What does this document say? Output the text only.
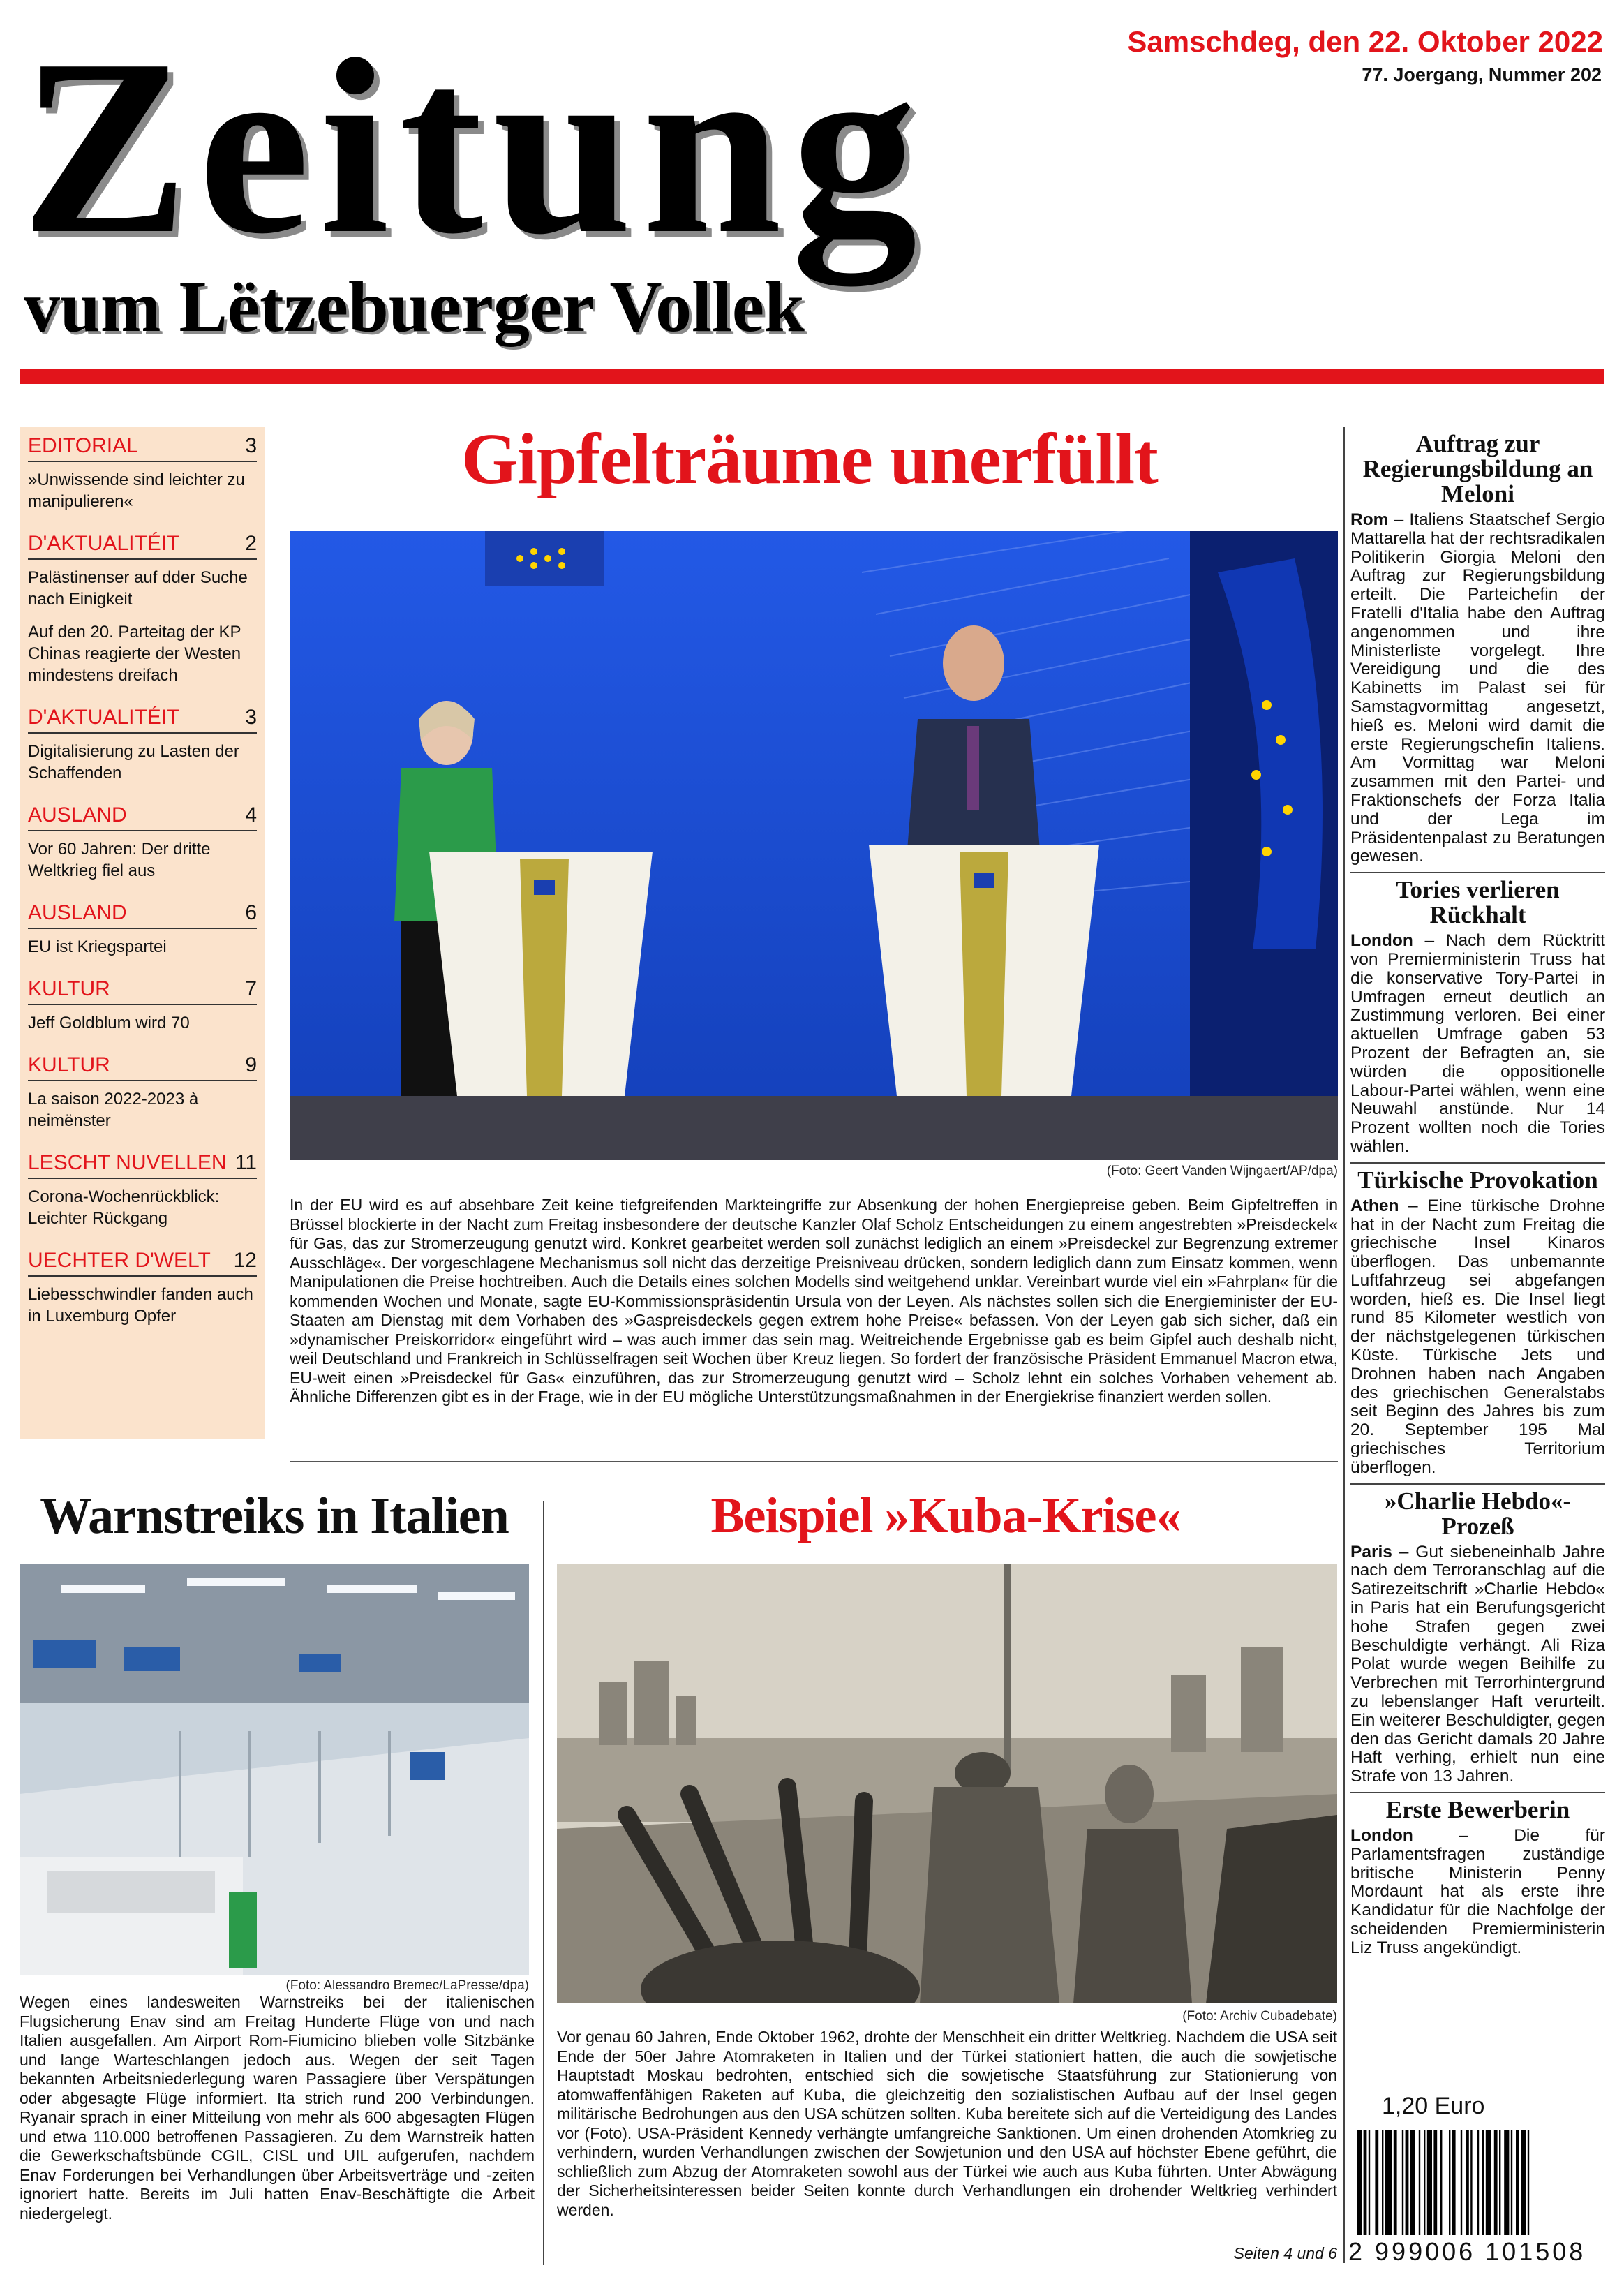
Zeitung
vum Lëtzebuerger Vollek
Samschdeg, den 22. Oktober 2022
77. Joergang, Nummer 202
EDITORIAL	3
»Unwissende sind leichter zu manipulieren«
D'AKTUALITÉIT	2
Palästinenser auf dder Suche nach Einigkeit
Auf den 20. Parteitag der KP Chinas reagierte der Westen mindestens dreifach
D'AKTUALITÉIT	3
Digitalisierung zu Lasten der Schaffenden
AUSLAND	4
Vor 60 Jahren: Der dritte Weltkrieg fiel aus
AUSLAND	6
EU ist Kriegspartei
KULTUR	7
Jeff Goldblum wird 70
KULTUR	9
La saison 2022-2023 à neimënster
LESCHT NUVELLEN 11
Corona-Wochenrückblick: Leichter Rückgang
UECHTER D'WELT 12
Liebesschwindler fanden auch in Luxemburg Opfer
Gipfelträume unerfüllt
(Foto: Geert Vanden Wijngaert/AP/dpa)
In der EU wird es auf absehbare Zeit keine tiefgreifenden Markteingriffe zur Absenkung der hohen Energiepreise geben. Beim Gipfeltreffen in Brüssel blockierte in der Nacht zum Freitag insbesondere der deutsche Kanzler Olaf Scholz Entscheidungen zu einem angestrebten »Preisdeckel« für Gas, das zur Stromerzeugung genutzt wird. Konkret gearbeitet werden soll zunächst lediglich an einem »Preisdeckel zur Begrenzung extremer Ausschläge«. Der vorgeschlagene Mechanismus soll nicht das derzeitige Preisniveau drücken, sondern lediglich dann zum Einsatz kommen, wenn Manipulationen die Preise hochtreiben. Auch die Details eines solchen Modells sind weitgehend unklar. Vereinbart wurde viel ein »Fahrplan« für die kommenden Wochen und Monate, sagte EU-Kommissionspräsidentin Ursula von der Leyen. Als nächstes sollen sich die Energieminister der EU-Staaten am Dienstag mit dem Vorhaben des »Gaspreisdeckels gegen extrem hohe Preise« befassen. Von der Leyen gab sich sicher, daß ein »dynamischer Preiskorridor« eingeführt wird – was auch immer das sein mag. Weitreichende Ergebnisse gab es beim Gipfel auch deshalb nicht, weil Deutschland und Frankreich in Schlüsselfragen seit Wochen über Kreuz liegen. So fordert der französische Präsident Emmanuel Macron etwa, EU-weit einen »Preisdeckel für Gas« einzuführen, das zur Stromerzeugung genutzt wird – Scholz lehnt ein solches Vorhaben vehement ab. Ähnliche Differenzen gibt es in der Frage, wie in der EU mögliche Unterstützungsmaßnahmen in der Energiekrise finanziert werden sollen.
Auftrag zur Regierungsbildung an Meloni
Rom – Italiens Staatschef Sergio Mattarella hat der rechtsradikalen Politikerin Giorgia Meloni den Auftrag zur Regierungsbildung erteilt. Die Parteichefin der Fratelli d'Italia habe den Auftrag angenommen und ihre Ministerliste vorgelegt. Ihre Vereidigung und die des Kabinetts im Palast sei für Samstagvormittag angesetzt, hieß es. Meloni wird damit die erste Regierungschefin Italiens. Am Vormittag war Meloni zusammen mit den Partei- und Fraktionschefs der Forza Italia und der Lega im Präsidentenpalast zu Beratungen gewesen.
Tories verlieren Rückhalt
London – Nach dem Rücktritt von Premierministerin Truss hat die konservative Tory-Partei in Umfragen erneut deutlich an Zustimmung verloren. Bei einer aktuellen Umfrage gaben 53 Prozent der Befragten an, sie würden die oppositionelle Labour-Partei wählen, wenn eine Neuwahl anstünde. Nur 14 Prozent wollten noch die Tories wählen.
Türkische Provokation
Athen – Eine türkische Drohne hat in der Nacht zum Freitag die griechische Insel Kinaros überflogen. Das unbemannte Luftfahrzeug sei abgefangen worden, hieß es. Die Insel liegt rund 85 Kilometer westlich von der nächstgelegenen türkischen Küste. Türkische Jets und Drohnen haben nach Angaben des griechischen Generalstabs seit Beginn des Jahres bis zum 20. September 195 Mal griechisches Territorium überflogen.
»Charlie Hebdo«-Prozeß
Paris – Gut siebeneinhalb Jahre nach dem Terroranschlag auf die Satirezeitschrift »Charlie Hebdo« in Paris hat ein Berufungsgericht hohe Strafen gegen zwei Beschuldigte verhängt. Ali Riza Polat wurde wegen Beihilfe zu Verbrechen mit Terrorhintergrund zu lebenslanger Haft verurteilt. Ein weiterer Beschuldigter, gegen den das Gericht damals 20 Jahre Haft verhing, erhielt nun eine Strafe von 13 Jahren.
Erste Bewerberin
London – Die für Parlamentsfragen zuständige britische Ministerin Penny Mordaunt hat als erste ihre Kandidatur für die Nachfolge der scheidenden Premierministerin Liz Truss angekündigt.
Warnstreiks in Italien
(Foto: Alessandro Bremec/LaPresse/dpa)
Wegen eines landesweiten Warnstreiks bei der italienischen Flugsicherung Enav sind am Freitag Hunderte Flüge von und nach Italien ausgefallen. Am Airport Rom-Fiumicino blieben volle Sitzbänke und lange Warteschlangen jedoch aus. Wegen der seit Tagen bekannten Arbeitsniederlegung waren Passagiere über Verspätungen oder abgesagte Flüge informiert. Ita strich rund 200 Verbindungen. Ryanair sprach in einer Mitteilung von mehr als 600 abgesagten Flügen und etwa 110.000 betroffenen Passagieren. Zu dem Warnstreik hatten die Gewerkschaftsbünde CGIL, CISL und UIL aufgerufen, nachdem Enav Forderungen bei Verhandlungen über Arbeitsverträge und -zeiten ignoriert hatte. Bereits im Juli hatten Enav-Beschäftigte die Arbeit niedergelegt.
Beispiel »Kuba-Krise«
(Foto: Archiv Cubadebate)
Vor genau 60 Jahren, Ende Oktober 1962, drohte der Menschheit ein dritter Weltkrieg. Nachdem die USA seit Ende der 50er Jahre Atomraketen in Italien und der Türkei stationiert hatten, die auch die sowjetische Hauptstadt Moskau bedrohten, entschied sich die sowjetische Staatsführung zur Stationierung von atomwaffenfähigen Raketen auf Kuba, die gleichzeitig den sozialistischen Aufbau auf der Insel gegen militärische Bedrohungen aus den USA schützen sollten. Kuba bereitete sich auf die Verteidigung des Landes vor (Foto). USA-Präsident Kennedy verhängte umfangreiche Sanktionen. Um einen drohenden Atomkrieg zu verhindern, wurden Verhandlungen zwischen der Sowjetunion und den USA auf höchster Ebene geführt, die schließlich zum Abzug der Atomraketen sowohl aus der Türkei wie auch aus Kuba führten. Unter Abwägung der Sicherheitsinteressen beider Seiten konnte durch Verhandlungen ein drohender Weltkrieg verhindert werden.
Seiten 4 und 6
1,20 Euro
2 999006 101508
